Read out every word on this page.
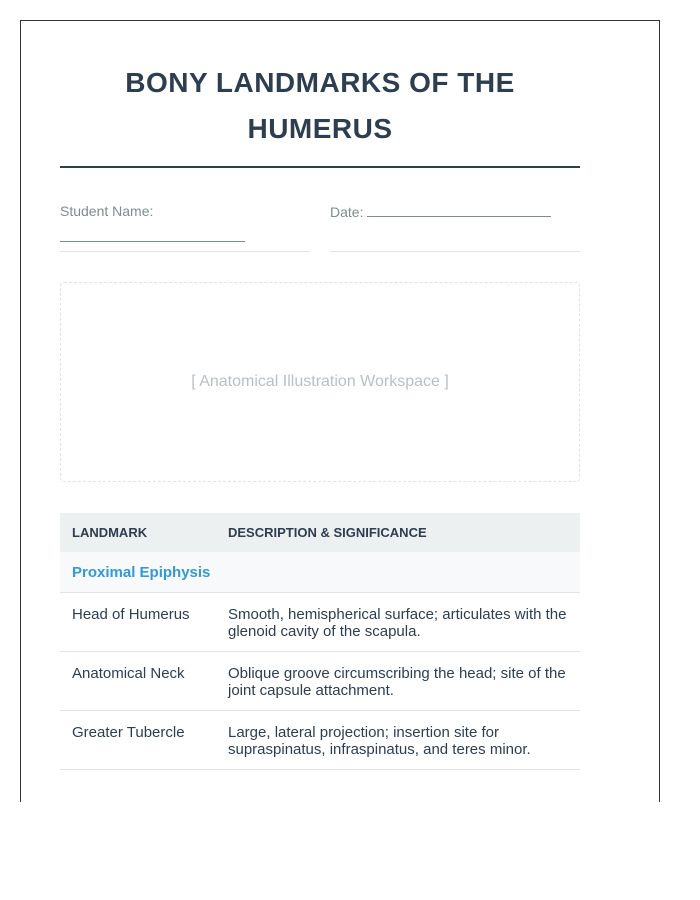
BONY LANDMARKS OF THE HUMERUS
Student Name:	Date:
[ Anatomical Illustration Workspace ]
LANDMARK	DESCRIPTION & SIGNIFICANCE
Proximal Epiphysis	
Head of Humerus	Smooth, hemispherical surface; articulates with the glenoid cavity of the scapula.
Anatomical Neck	Oblique groove circumscribing the head; site of the joint capsule attachment.
Greater Tubercle	Large, lateral projection; insertion site for supraspinatus, infraspinatus, and teres minor.
